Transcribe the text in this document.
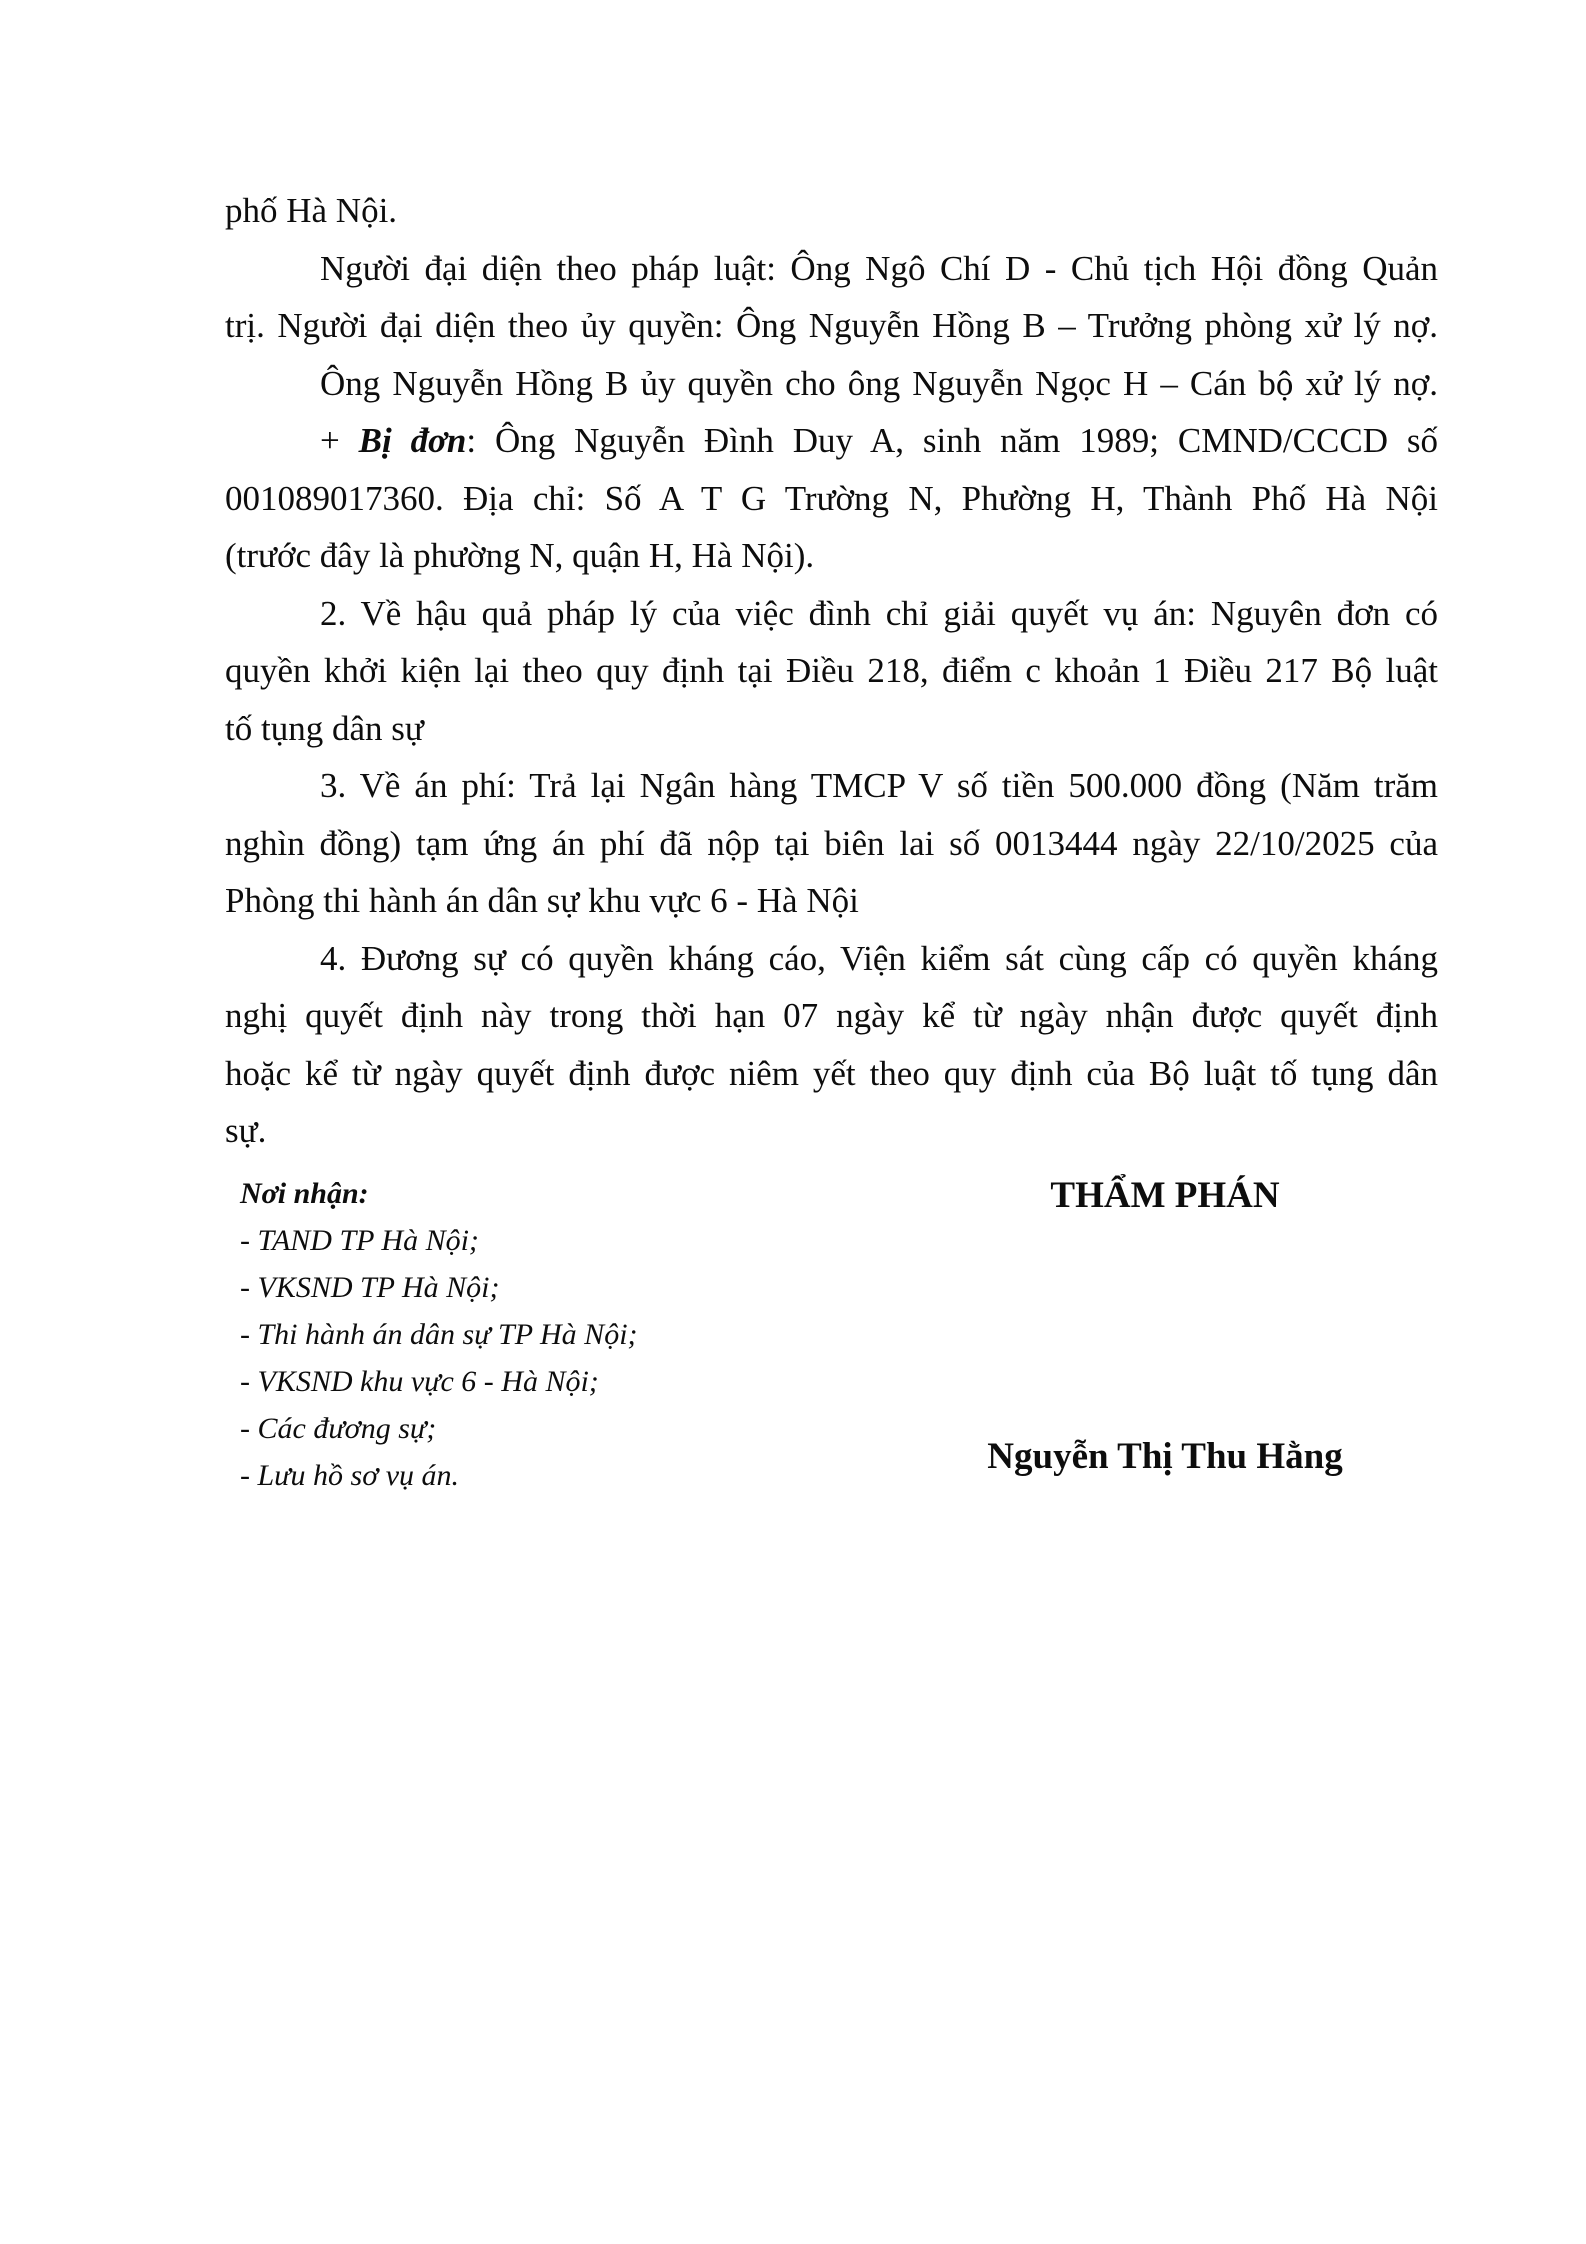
phố Hà Nội.
Người đại diện theo pháp luật: Ông Ngô Chí D - Chủ tịch Hội đồng Quản
trị. Người đại diện theo ủy quyền: Ông Nguyễn Hồng B – Trưởng phòng xử lý nợ.
Ông Nguyễn Hồng B ủy quyền cho ông Nguyễn Ngọc H – Cán bộ xử lý nợ.
+ Bị đơn: Ông Nguyễn Đình Duy A, sinh năm 1989; CMND/CCCD số
001089017360. Địa chỉ: Số A T G Trường N, Phường H, Thành Phố Hà Nội
(trước đây là phường N, quận H, Hà Nội).
2. Về hậu quả pháp lý của việc đình chỉ giải quyết vụ án: Nguyên đơn có
quyền khởi kiện lại theo quy định tại Điều 218, điểm c khoản 1 Điều 217 Bộ luật
tố tụng dân sự
3. Về án phí: Trả lại Ngân hàng TMCP V số tiền 500.000 đồng (Năm trăm
nghìn đồng) tạm ứng án phí đã nộp tại biên lai số 0013444 ngày 22/10/2025 của
Phòng thi hành án dân sự khu vực 6 - Hà Nội
4. Đương sự có quyền kháng cáo, Viện kiểm sát cùng cấp có quyền kháng
nghị quyết định này trong thời hạn 07 ngày kể từ ngày nhận được quyết định
hoặc kể từ ngày quyết định được niêm yết theo quy định của Bộ luật tố tụng dân
sự.
Nơi nhận:
- TAND TP Hà Nội;
- VKSND TP Hà Nội;
- Thi hành án dân sự TP Hà Nội;
- VKSND khu vực 6 - Hà Nội;
- Các đương sự;
- Lưu hồ sơ vụ án.
THẨM PHÁN
Nguyễn Thị Thu Hằng
